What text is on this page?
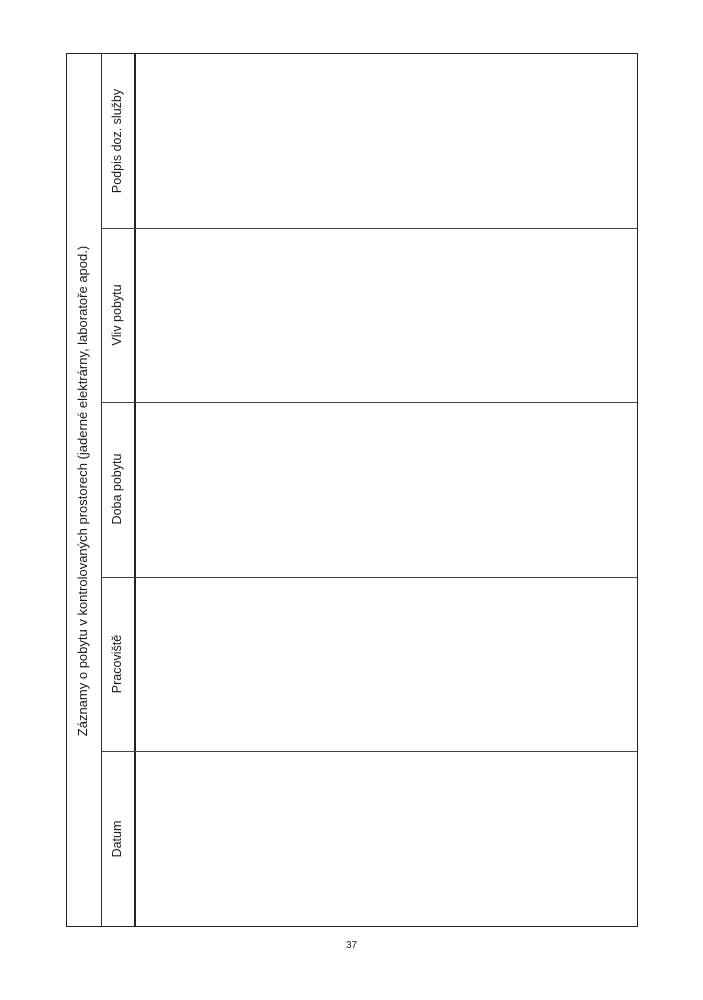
Záznamy o pobytu v kontrolovaných prostorech (jaderné elektrárny, laboratoře apod.)
Datum
Pracoviště
Doba pobytu
Vliv pobytu
Podpis doz. služby
37
